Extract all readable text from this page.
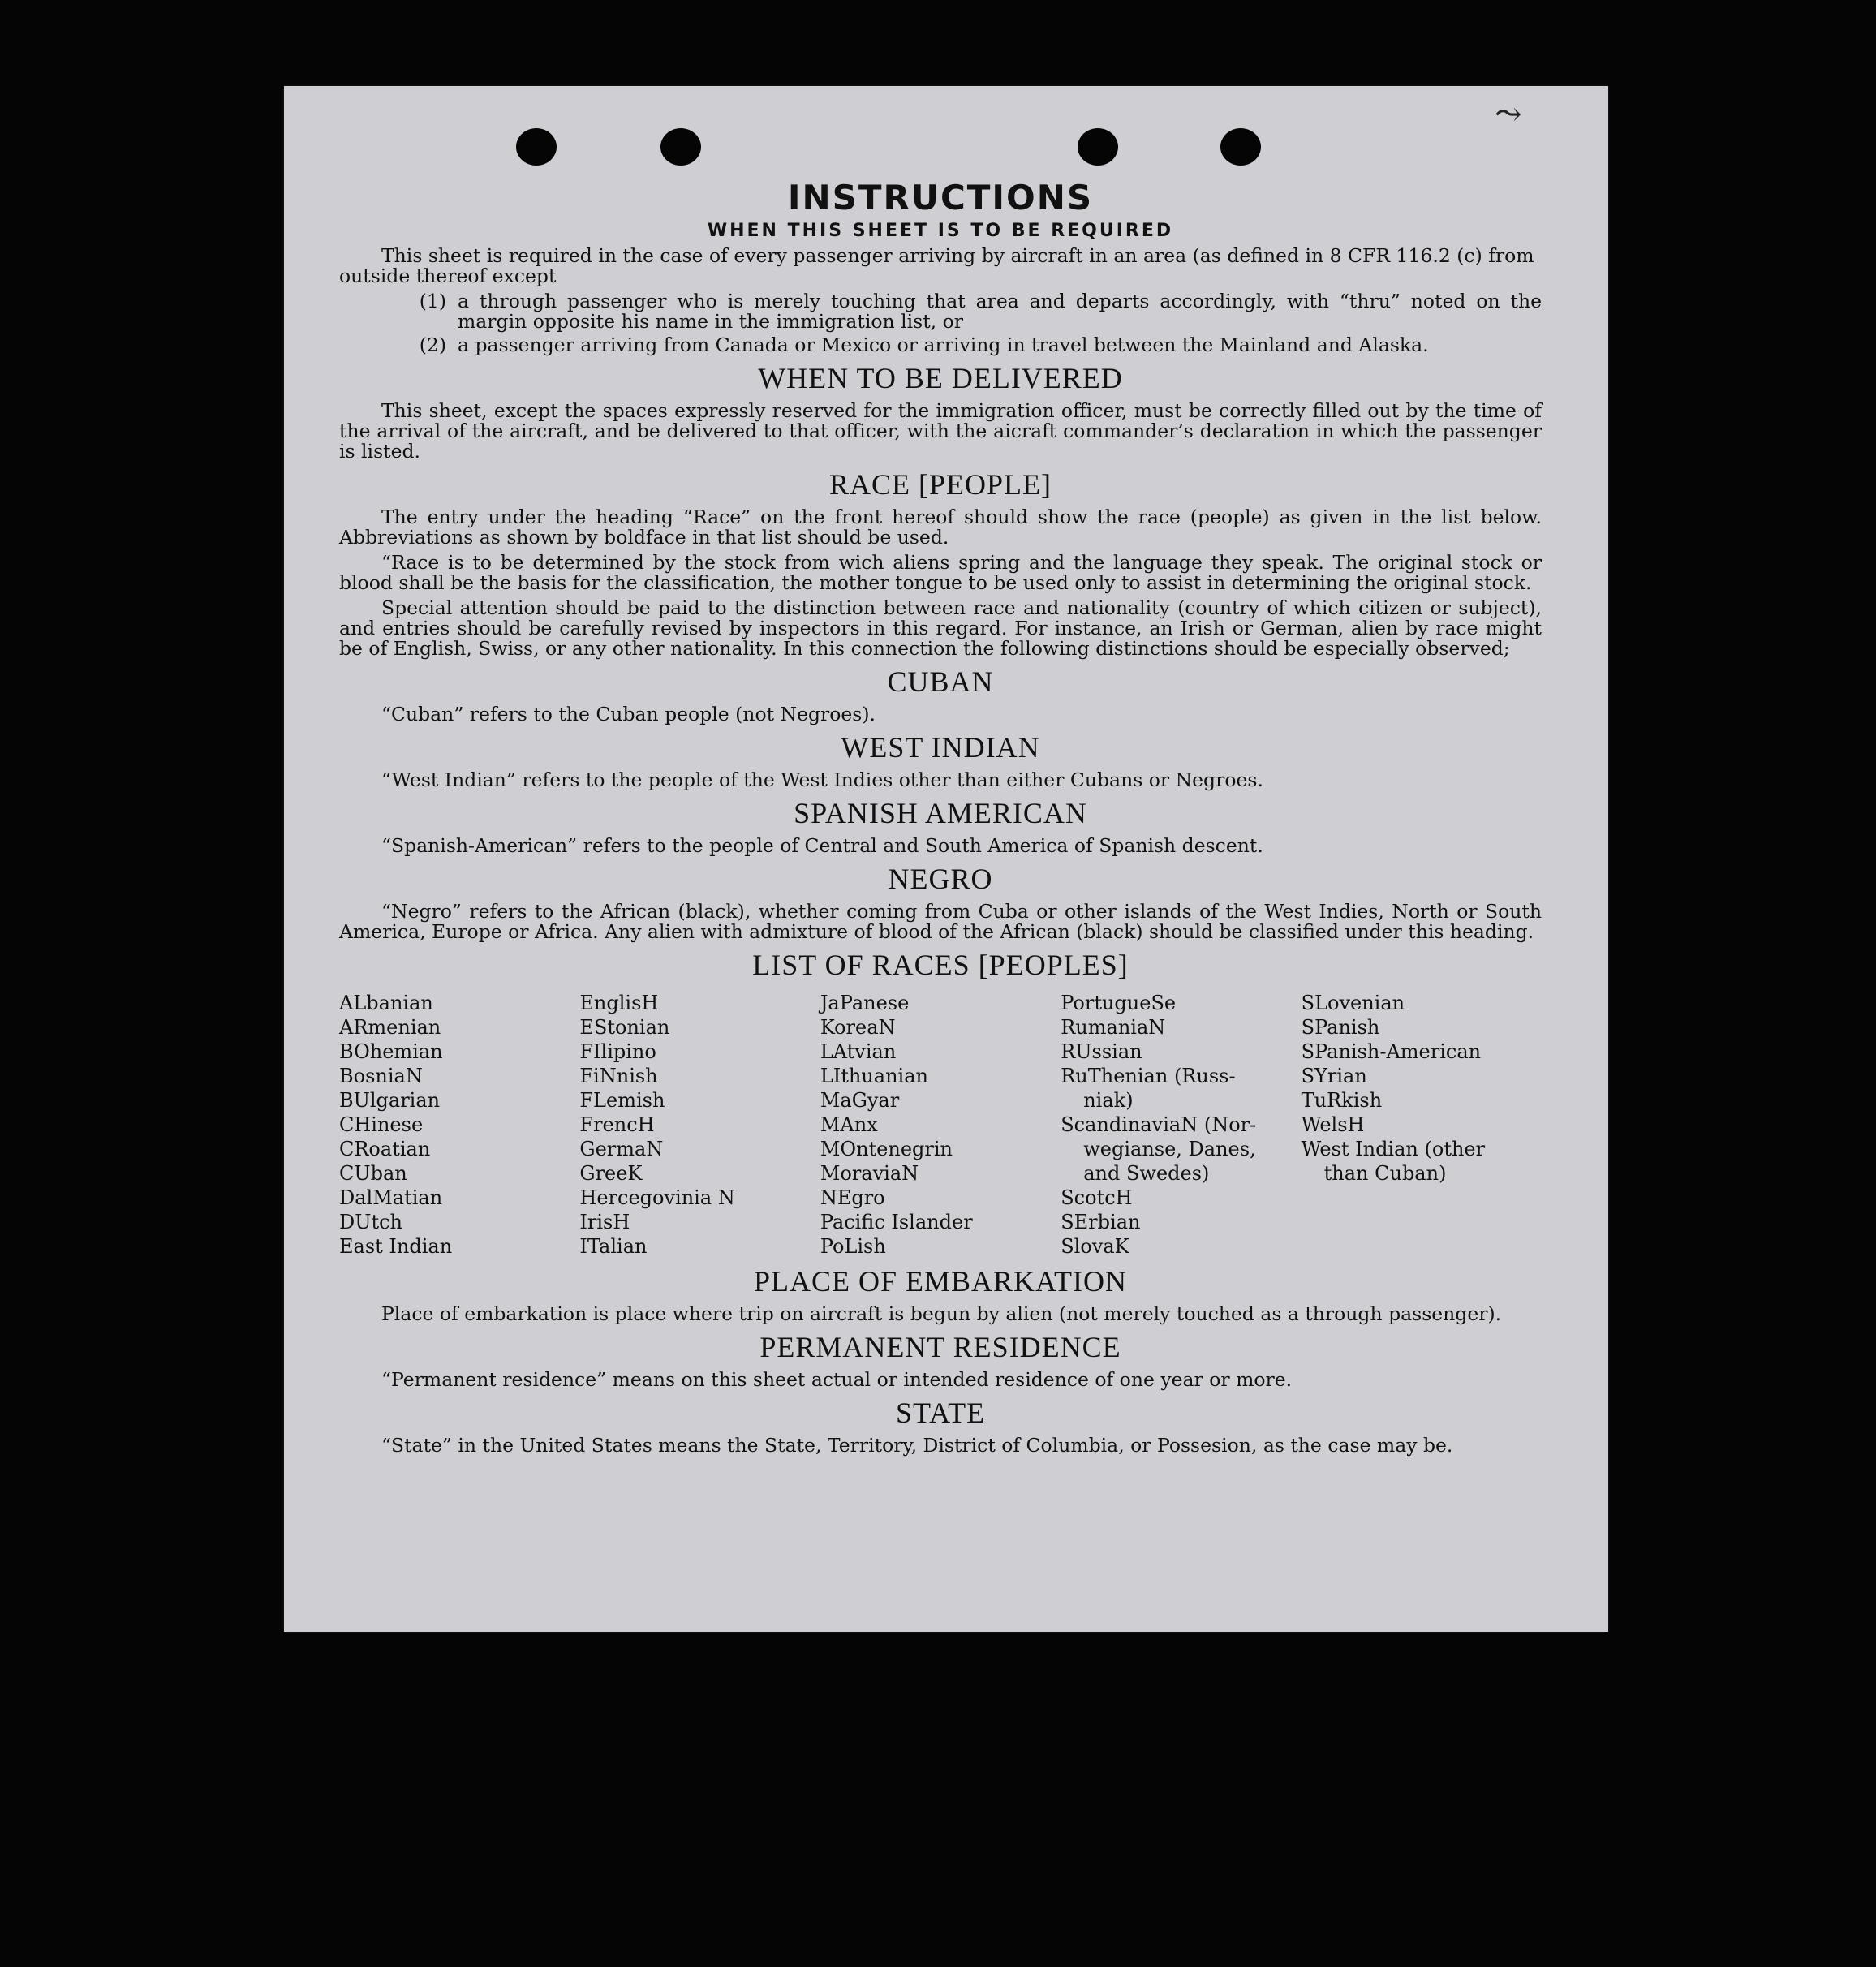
⤳
INSTRUCTIONS
WHEN THIS SHEET IS TO BE REQUIRED

This sheet is required in the case of every passenger arriving by aircraft in an area (as defined in 8 CFR 116.2 (c) from outside thereof except

(1) a through passenger who is merely touching that area and departs accordingly, with “thru” noted on the margin opposite his name in the immigration list, or
(2) a passenger arriving from Canada or Mexico or arriving in travel between the Mainland and Alaska.
WHEN TO BE DELIVERED

This sheet, except the spaces expressly reserved for the immigration officer, must be correctly filled out by the time of the arrival of the aircraft, and be delivered to that officer, with the aicraft commander’s declaration in which the passenger is listed.

RACE [PEOPLE]

The entry under the heading “Race” on the front hereof should show the race (people) as given in the list below. Abbreviations as shown by boldface in that list should be used.

“Race is to be determined by the stock from wich aliens spring and the language they speak. The original stock or blood shall be the basis for the classification, the mother tongue to be used only to assist in determining the original stock.

Special attention should be paid to the distinction between race and nationality (country of which citizen or subject), and entries should be carefully revised by inspectors in this regard. For instance, an Irish or German, alien by race might be of English, Swiss, or any other nationality. In this connection the following distinctions should be especially observed;

CUBAN

“Cuban” refers to the Cuban people (not Negroes).

WEST INDIAN

“West Indian” refers to the people of the West Indies other than either Cubans or Negroes.

SPANISH AMERICAN

“Spanish-American” refers to the people of Central and South America of Spanish descent.

NEGRO

“Negro” refers to the African (black), whether coming from Cuba or other islands of the West Indies, North or South America, Europe or Africa. Any alien with admixture of blood of the African (black) should be classified under this heading.

LIST OF RACES [PEOPLES]
ALbanian
ARmenian
BOhemian
BosniaN
BUlgarian
CHinese
CRoatian
CUban
DalMatian
DUtch
East Indian
EnglisH
EStonian
FIlipino
FiNnish
FLemish
FrencH
GermaN
GreeK
Hercegovinia N
IrisH
ITalian
JaPanese
KoreaN
LAtvian
LIthuanian
MaGyar
MAnx
MOntenegrin
MoraviaN
NEgro
Pacific Islander
PoLish
PortugueSe
RumaniaN
RUssian
RuThenian (Russ-
niak)
ScandinaviaN (Nor-
wegianse, Danes,
and Swedes)
ScotcH
SErbian
SlovaK
SLovenian
SPanish
SPanish-American
SYrian
TuRkish
WelsH
West Indian (other
than Cuban)
PLACE OF EMBARKATION

Place of embarkation is place where trip on aircraft is begun by alien (not merely touched as a through passenger).

PERMANENT RESIDENCE

“Permanent residence” means on this sheet actual or intended residence of one year or more.

STATE

“State” in the United States means the State, Territory, District of Columbia, or Possesion, as the case may be.
